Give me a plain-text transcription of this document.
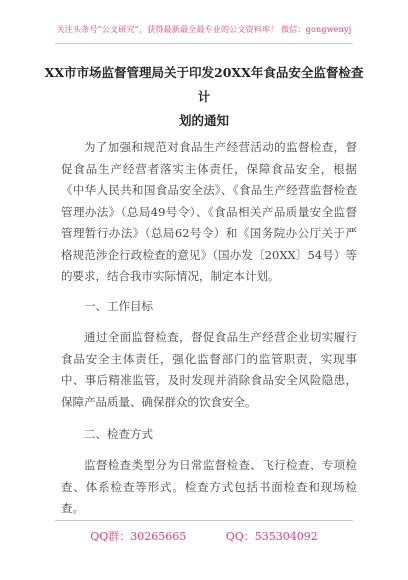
关注头条号“公文研究”，获得最新最全最专业的公文资料库！ 微信：gongwenyj
XX市市场监督管理局关于印发20XX年食品安全监督检查计
划的通知
为了加强和规范对食品生产经营活动的监督检查，督促食品生产经营者落实主体责任，保障食品安全，根据《中华人民共和国食品安全法》、《食品生产经营监督检查管理办法》（总局49号令）、《食品相关产品质量安全监督管理暂行办法》（总局62号令）和《国务院办公厅关于严格规范涉企行政检查的意见》（国办发〔20XX〕54号）等的要求，结合我市实际情况，制定本计划。
一、工作目标
通过全面监督检查，督促食品生产经营企业切实履行食品安全主体责任，强化监督部门的监管职责，实现事中、事后精准监管，及时发现并消除食品安全风险隐患，保障产品质量、确保群众的饮食安全。
二、检查方式
监督检查类型分为日常监督检查、飞行检查、专项检查、体系检查等形式。检查方式包括书面检查和现场检查。
QQ群：30265665	QQ：535304092
